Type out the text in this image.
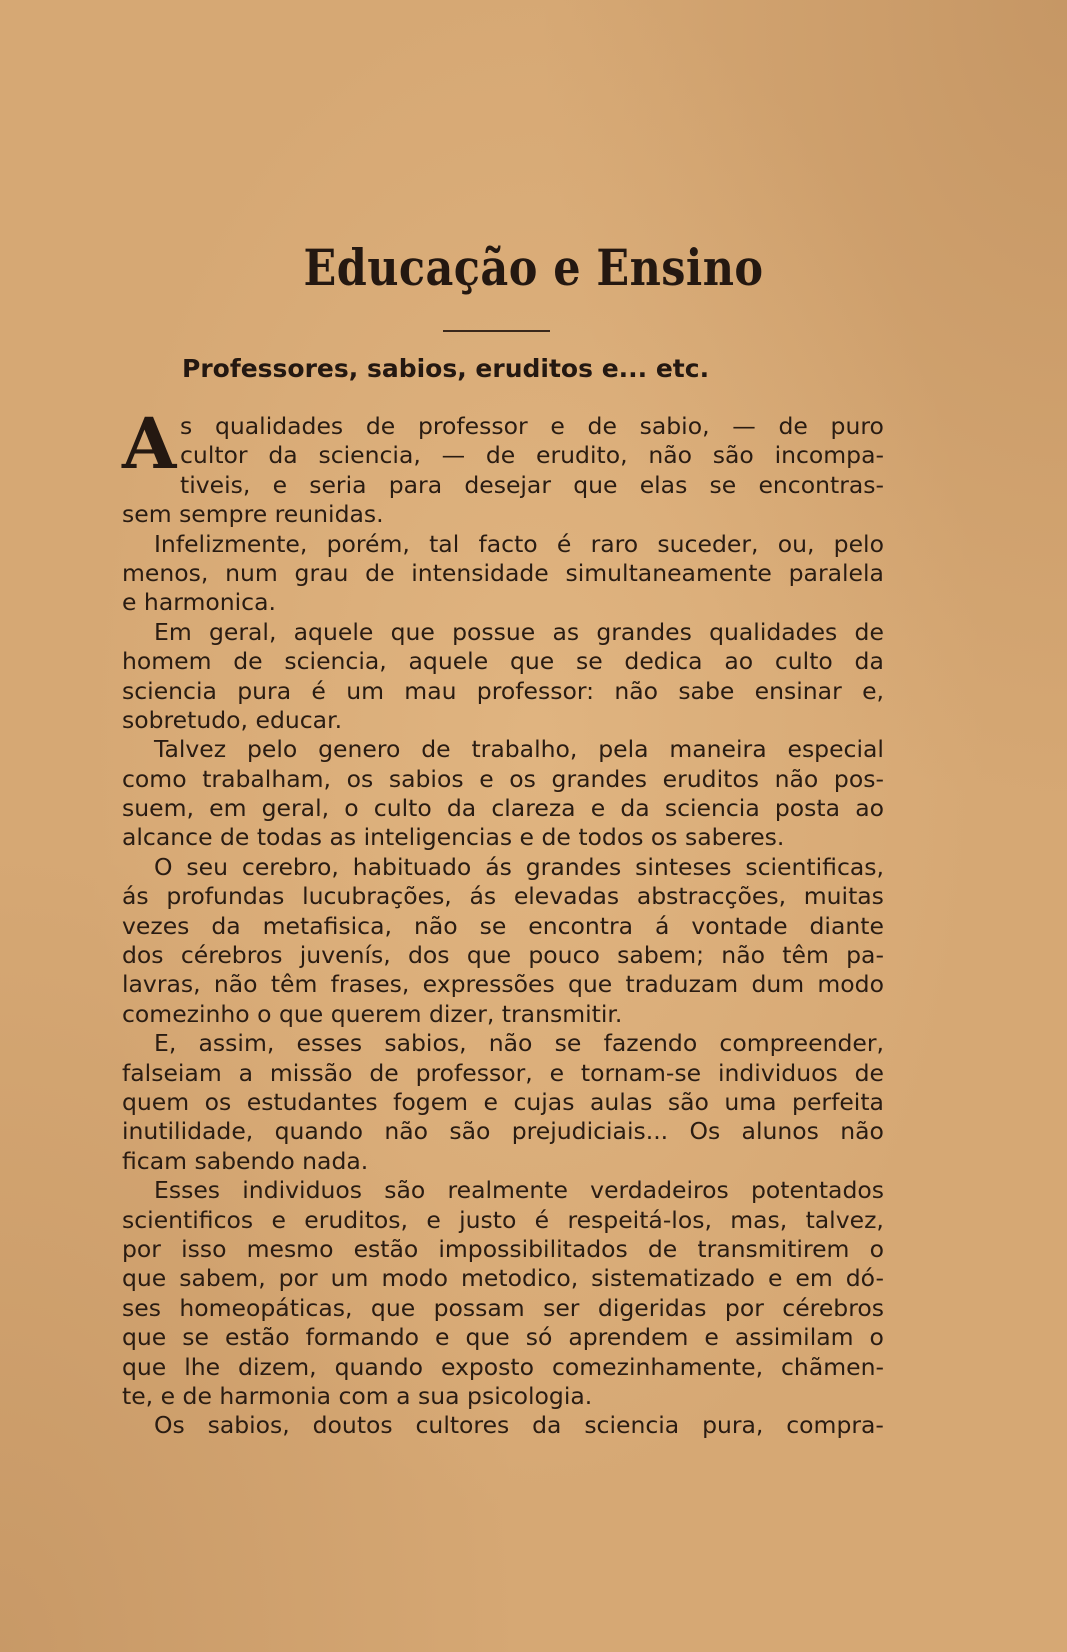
Educação e Ensino
Professores, sabios, eruditos e... etc.
A s qualidades de professor e de sabio, — de puro
cultor da sciencia, — de erudito, não são incompa-
tiveis, e seria para desejar que elas se encontras-
sem sempre reunidas.
Infelizmente, porém, tal facto é raro suceder, ou, pelo
menos, num grau de intensidade simultaneamente paralela
e harmonica.
Em geral, aquele que possue as grandes qualidades de
homem de sciencia, aquele que se dedica ao culto da
sciencia pura é um mau professor: não sabe ensinar e,
sobretudo, educar.
Talvez pelo genero de trabalho, pela maneira especial
como trabalham, os sabios e os grandes eruditos não pos-
suem, em geral, o culto da clareza e da sciencia posta ao
alcance de todas as inteligencias e de todos os saberes.
O seu cerebro, habituado ás grandes sinteses scientificas,
ás profundas lucubrações, ás elevadas abstracções, muitas
vezes da metafisica, não se encontra á vontade diante
dos cérebros juvenís, dos que pouco sabem; não têm pa-
lavras, não têm frases, expressões que traduzam dum modo
comezinho o que querem dizer, transmitir.
E, assim, esses sabios, não se fazendo compreender,
falseiam a missão de professor, e tornam-se individuos de
quem os estudantes fogem e cujas aulas são uma perfeita
inutilidade, quando não são prejudiciais... Os alunos não
ficam sabendo nada.
Esses individuos são realmente verdadeiros potentados
scientificos e eruditos, e justo é respeitá-los, mas, talvez,
por isso mesmo estão impossibilitados de transmitirem o
que sabem, por um modo metodico, sistematizado e em dó-
ses homeopáticas, que possam ser digeridas por cérebros
que se estão formando e que só aprendem e assimilam o
que lhe dizem, quando exposto comezinhamente, chãmen-
te, e de harmonia com a sua psicologia.
Os sabios, doutos cultores da sciencia pura, compra-
